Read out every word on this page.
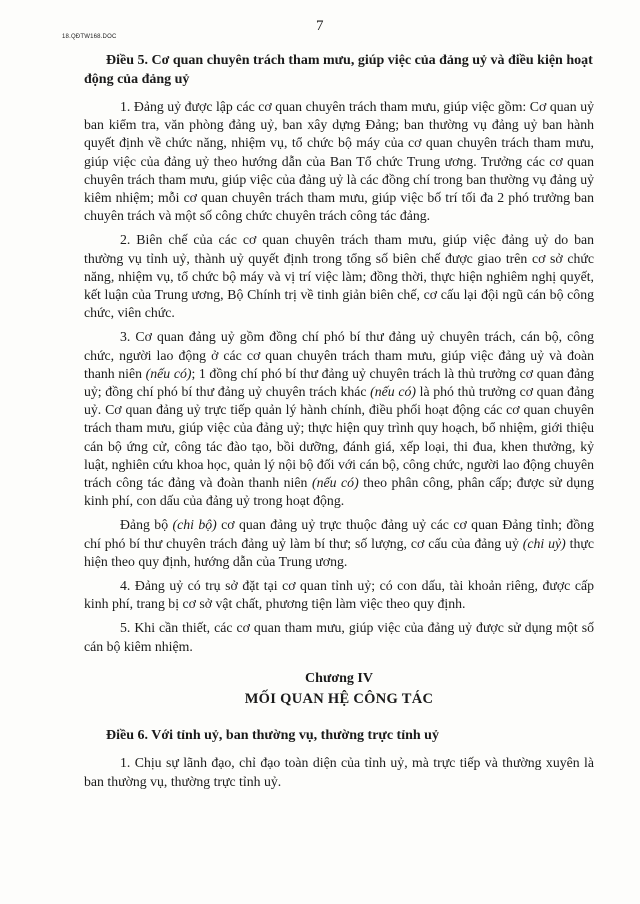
18.QĐTW168.DOC
7
Điều 5. Cơ quan chuyên trách tham mưu, giúp việc của đảng uỷ và điều kiện hoạt động của đảng uỷ

1. Đảng uỷ được lập các cơ quan chuyên trách tham mưu, giúp việc gồm: Cơ quan uỷ ban kiểm tra, văn phòng đảng uỷ, ban xây dựng Đảng; ban thường vụ đảng uỷ ban hành quyết định về chức năng, nhiệm vụ, tổ chức bộ máy của cơ quan chuyên trách tham mưu, giúp việc của đảng uỷ theo hướng dẫn của Ban Tổ chức Trung ương. Trưởng các cơ quan chuyên trách tham mưu, giúp việc của đảng uỷ là các đồng chí trong ban thường vụ đảng uỷ kiêm nhiệm; mỗi cơ quan chuyên trách tham mưu, giúp việc bố trí tối đa 2 phó trưởng ban chuyên trách và một số công chức chuyên trách công tác đảng.

2. Biên chế của các cơ quan chuyên trách tham mưu, giúp việc đảng uỷ do ban thường vụ tỉnh uỷ, thành uỷ quyết định trong tổng số biên chế được giao trên cơ sở chức năng, nhiệm vụ, tổ chức bộ máy và vị trí việc làm; đồng thời, thực hiện nghiêm nghị quyết, kết luận của Trung ương, Bộ Chính trị về tinh giản biên chế, cơ cấu lại đội ngũ cán bộ công chức, viên chức.

3. Cơ quan đảng uỷ gồm đồng chí phó bí thư đảng uỷ chuyên trách, cán bộ, công chức, người lao động ở các cơ quan chuyên trách tham mưu, giúp việc đảng uỷ và đoàn thanh niên (nếu có); 1 đồng chí phó bí thư đảng uỷ chuyên trách là thủ trưởng cơ quan đảng uỷ; đồng chí phó bí thư đảng uỷ chuyên trách khác (nếu có) là phó thủ trưởng cơ quan đảng uỷ. Cơ quan đảng uỷ trực tiếp quản lý hành chính, điều phối hoạt động các cơ quan chuyên trách tham mưu, giúp việc của đảng uỷ; thực hiện quy trình quy hoạch, bổ nhiệm, giới thiệu cán bộ ứng cử, công tác đào tạo, bồi dưỡng, đánh giá, xếp loại, thi đua, khen thưởng, kỷ luật, nghiên cứu khoa học, quản lý nội bộ đối với cán bộ, công chức, người lao động chuyên trách công tác đảng và đoàn thanh niên (nếu có) theo phân công, phân cấp; được sử dụng kinh phí, con dấu của đảng uỷ trong hoạt động.

Đảng bộ (chi bộ) cơ quan đảng uỷ trực thuộc đảng uỷ các cơ quan Đảng tỉnh; đồng chí phó bí thư chuyên trách đảng uỷ làm bí thư; số lượng, cơ cấu của đảng uỷ (chi uỷ) thực hiện theo quy định, hướng dẫn của Trung ương.

4. Đảng uỷ có trụ sở đặt tại cơ quan tỉnh uỷ; có con dấu, tài khoản riêng, được cấp kinh phí, trang bị cơ sở vật chất, phương tiện làm việc theo quy định.

5. Khi cần thiết, các cơ quan tham mưu, giúp việc của đảng uỷ được sử dụng một số cán bộ kiêm nhiệm.

Chương IV
MỐI QUAN HỆ CÔNG TÁC
Điều 6. Với tỉnh uỷ, ban thường vụ, thường trực tỉnh uỷ

1. Chịu sự lãnh đạo, chỉ đạo toàn diện của tỉnh uỷ, mà trực tiếp và thường xuyên là ban thường vụ, thường trực tỉnh uỷ.
